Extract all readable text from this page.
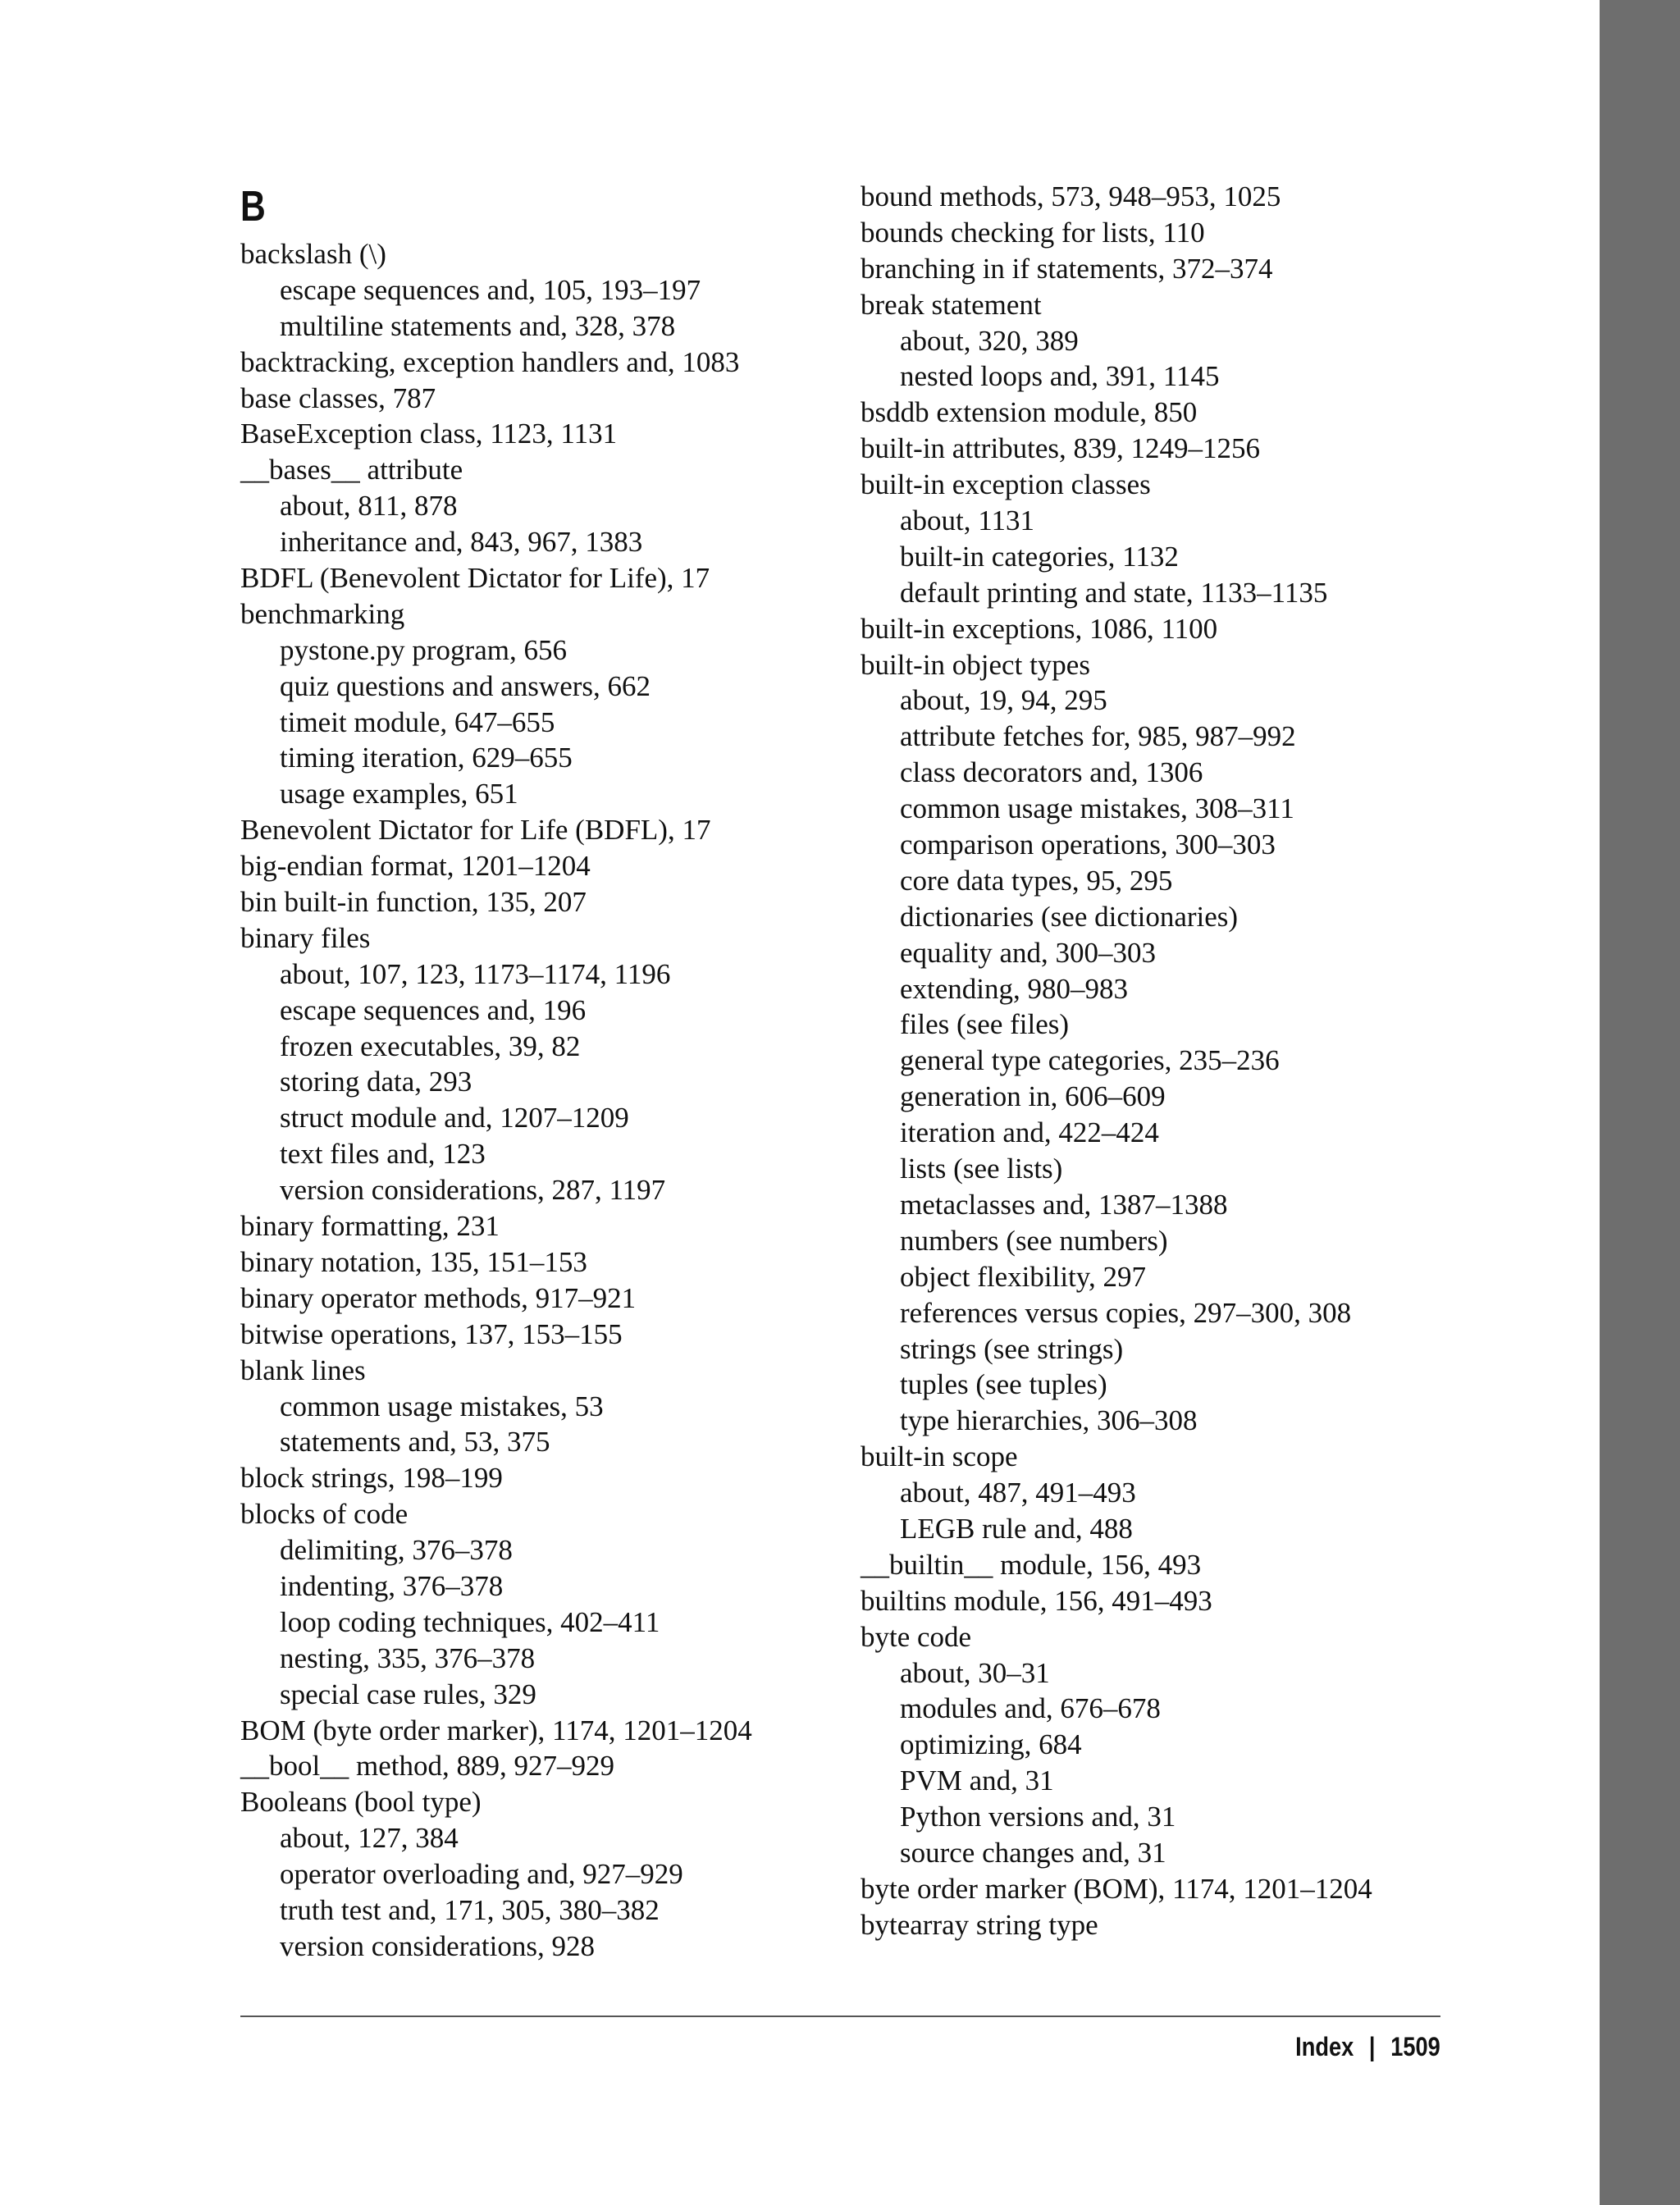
B
backslash (\)
escape sequences and, 105, 193–197
multiline statements and, 328, 378
backtracking, exception handlers and, 1083
base classes, 787
BaseException class, 1123, 1131
__bases__ attribute
about, 811, 878
inheritance and, 843, 967, 1383
BDFL (Benevolent Dictator for Life), 17
benchmarking
pystone.py program, 656
quiz questions and answers, 662
timeit module, 647–655
timing iteration, 629–655
usage examples, 651
Benevolent Dictator for Life (BDFL), 17
big-endian format, 1201–1204
bin built-in function, 135, 207
binary files
about, 107, 123, 1173–1174, 1196
escape sequences and, 196
frozen executables, 39, 82
storing data, 293
struct module and, 1207–1209
text files and, 123
version considerations, 287, 1197
binary formatting, 231
binary notation, 135, 151–153
binary operator methods, 917–921
bitwise operations, 137, 153–155
blank lines
common usage mistakes, 53
statements and, 53, 375
block strings, 198–199
blocks of code
delimiting, 376–378
indenting, 376–378
loop coding techniques, 402–411
nesting, 335, 376–378
special case rules, 329
BOM (byte order marker), 1174, 1201–1204
__bool__ method, 889, 927–929
Booleans (bool type)
about, 127, 384
operator overloading and, 927–929
truth test and, 171, 305, 380–382
version considerations, 928
bound methods, 573, 948–953, 1025
bounds checking for lists, 110
branching in if statements, 372–374
break statement
about, 320, 389
nested loops and, 391, 1145
bsddb extension module, 850
built-in attributes, 839, 1249–1256
built-in exception classes
about, 1131
built-in categories, 1132
default printing and state, 1133–1135
built-in exceptions, 1086, 1100
built-in object types
about, 19, 94, 295
attribute fetches for, 985, 987–992
class decorators and, 1306
common usage mistakes, 308–311
comparison operations, 300–303
core data types, 95, 295
dictionaries (see dictionaries)
equality and, 300–303
extending, 980–983
files (see files)
general type categories, 235–236
generation in, 606–609
iteration and, 422–424
lists (see lists)
metaclasses and, 1387–1388
numbers (see numbers)
object flexibility, 297
references versus copies, 297–300, 308
strings (see strings)
tuples (see tuples)
type hierarchies, 306–308
built-in scope
about, 487, 491–493
LEGB rule and, 488
__builtin__ module, 156, 493
builtins module, 156, 491–493
byte code
about, 30–31
modules and, 676–678
optimizing, 684
PVM and, 31
Python versions and, 31
source changes and, 31
byte order marker (BOM), 1174, 1201–1204
bytearray string type
Index | 1509
